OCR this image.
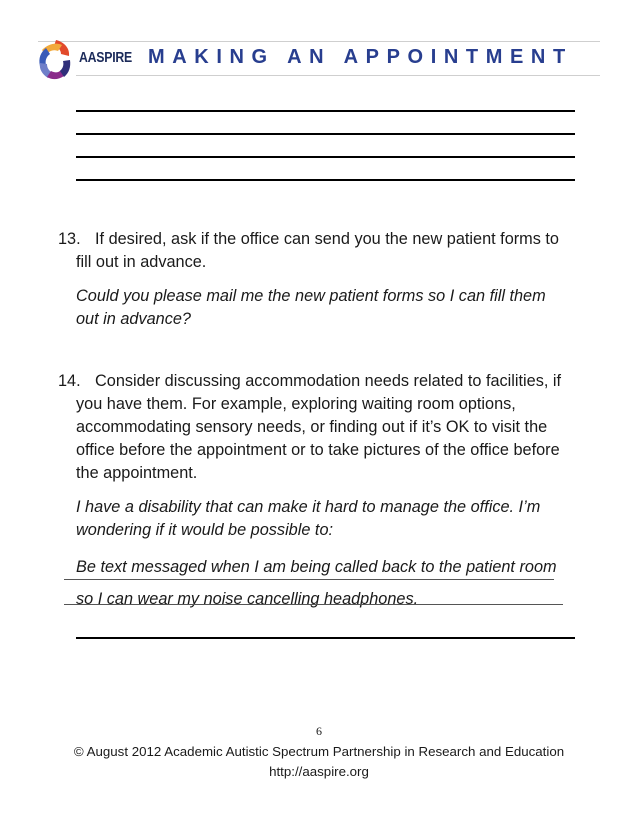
AASPIRE MAKING AN APPOINTMENT
13. If desired, ask if the office can send you the new patient forms to
fill out in advance.
Could you please mail me the new patient forms so I can fill them
out in advance?
14. Consider discussing accommodation needs related to facilities, if
you have them. For example, exploring waiting room options,
accommodating sensory needs, or finding out if it’s OK to visit the
office before the appointment or to take pictures of the office before
the appointment.
I have a disability that can make it hard to manage the office. I’m
wondering if it would be possible to:
Be text messaged when I am being called back to the patient room
so I can wear my noise cancelling headphones.
6
© August 2012 Academic Autistic Spectrum Partnership in Research and Education
http://aaspire.org
